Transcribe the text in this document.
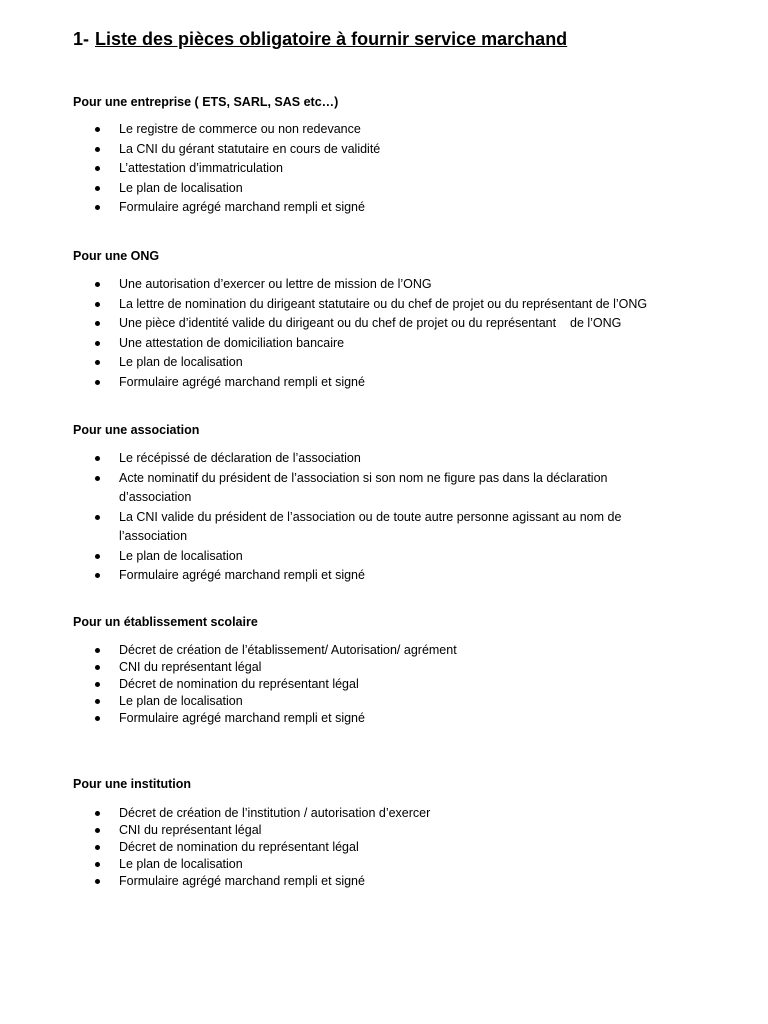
1- Liste des pièces obligatoire à fournir service marchand

Pour une entreprise ( ETS, SARL, SAS etc…)

Le registre de commerce ou non redevance
La CNI du gérant statutaire en cours de validité
L’attestation d’immatriculation
Le plan de localisation
Formulaire agrégé marchand rempli et signé

Pour une ONG

Une autorisation d’exercer ou lettre de mission de l’ONG
La lettre de nomination du dirigeant statutaire ou du chef de projet ou du représentant de l’ONG
Une pièce d’identité valide du dirigeant ou du chef de projet ou du représentant    de l’ONG
Une attestation de domiciliation bancaire
Le plan de localisation
Formulaire agrégé marchand rempli et signé

Pour une association

Le récépissé de déclaration de l’association
Acte nominatif du président de l’association si son nom ne figure pas dans la déclaration d’association
La CNI valide du président de l’association ou de toute autre personne agissant au nom de l’association
Le plan de localisation
Formulaire agrégé marchand rempli et signé

Pour un établissement scolaire

Décret de création de l’établissement/ Autorisation/ agrément
CNI du représentant légal
Décret de nomination du représentant légal
Le plan de localisation
Formulaire agrégé marchand rempli et signé

Pour une institution

Décret de création de l’institution / autorisation d’exercer
CNI du représentant légal
Décret de nomination du représentant légal
Le plan de localisation
Formulaire agrégé marchand rempli et signé
